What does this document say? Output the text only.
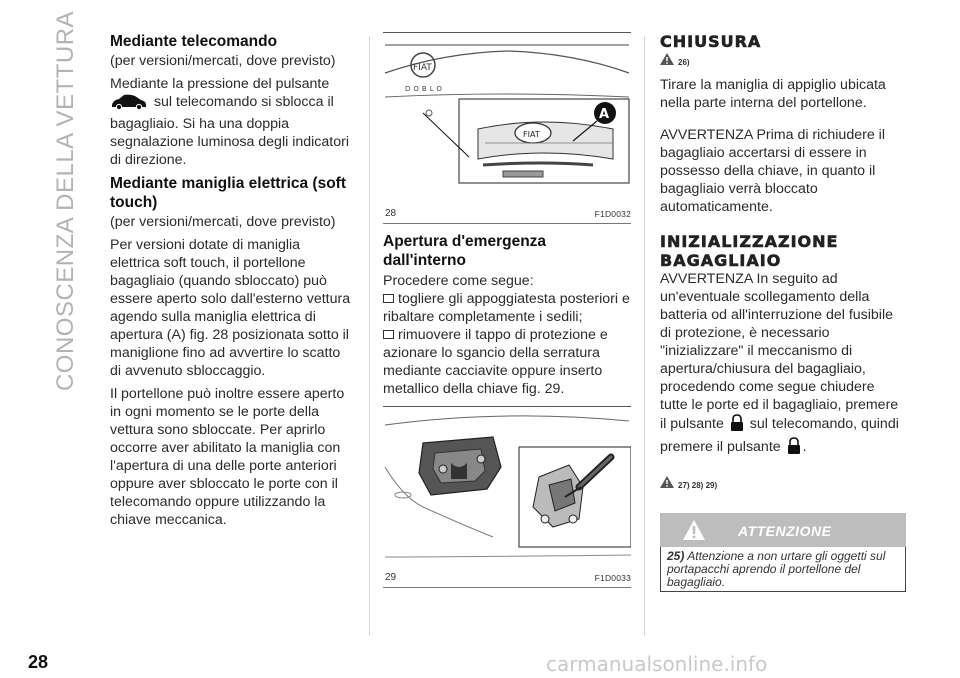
CONOSCENZA DELLA VETTURA Mediante telecomando

(per versioni/mercati, dove previsto)

Mediante la pressione del pulsante
sul telecomando si sblocca il bagagliaio. Si ha una doppia segnalazione luminosa degli indicatori di direzione.

Mediante maniglia elettrica (soft touch)

(per versioni/mercati, dove previsto)

Per versioni dotate di maniglia elettrica soft touch, il portellone bagagliaio (quando sbloccato) può essere aperto solo dall'esterno vettura agendo sulla maniglia elettrica di apertura (A) fig. 28 posizionata sotto il maniglione fino ad avvertire lo scatto di avvenuto sbloccaggio.

Il portellone può inoltre essere aperto in ogni momento se le porte della vettura sono sbloccate. Per aprirlo occorre aver abilitato la maniglia con l'apertura di una delle porte anteriori oppure aver sbloccato le porte con il telecomando oppure utilizzando la chiave meccanica.

FIAT
DOBLO
FIAT
A
28	F1D0032
Apertura d'emergenza dall'interno

Procedere come segue:

togliere gli appoggiatesta posteriori e ribaltare completamente i sedili;
rimuovere il tappo di protezione e azionare lo sgancio della serratura mediante cacciavite oppure inserto metallico della chiave fig. 29.
29	F1D0033
CHIUSURA
26)

Tirare la maniglia di appiglio ubicata nella parte interna del portellone.

AVVERTENZA Prima di richiudere il bagagliaio accertarsi di essere in possesso della chiave, in quanto il bagagliaio verrà bloccato automaticamente.

INIZIALIZZAZIONE BAGAGLIAIO

AVVERTENZA In seguito ad un'eventuale scollegamento della batteria od all'interruzione del fusibile di protezione, è necessario "inizializzare" il meccanismo di apertura/chiusura del bagagliaio, procedendo come segue chiudere tutte le porte ed il bagagliaio, premere il pulsante sul telecomando, quindi premere il pulsante .

27) 28) 29)
ATTENZIONE
25) Attenzione a non urtare gli oggetti sul portapacchi aprendo il portellone del bagagliaio.
28	carmanualsonline.info
